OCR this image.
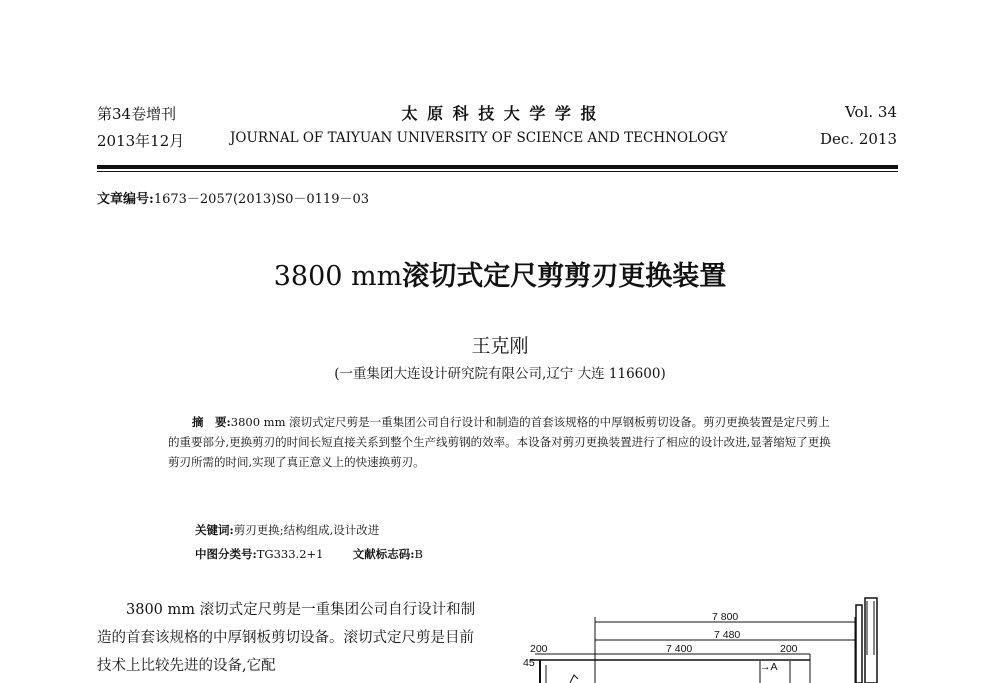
第34卷增刊
2013年12月
太 原 科 技 大 学 学 报
JOURNAL OF TAIYUAN UNIVERSITY OF SCIENCE AND TECHNOLOGY
Vol. 34
Dec. 2013
文章编号:1673－2057(2013)S0－0119－03
3800 mm滚切式定尺剪剪刃更换装置
王克刚
(一重集团大连设计研究院有限公司,辽宁 大连 116600)
摘　要:3800 mm 滚切式定尺剪是一重集团公司自行设计和制造的首套该规格的中厚钢板剪切设备。剪刃更换装置是定尺剪上的重要部分,更换剪刃的时间长短直接关系到整个生产线剪钢的效率。本设备对剪刃更换装置进行了相应的设计改进,显著缩短了更换剪刃所需的时间,实现了真正意义上的快速换剪刃。
关键词:剪刃更换;结构组成,设计改进
中图分类号:TG333.2+1	文献标志码:B
3800 mm 滚切式定尺剪是一重集团公司自行设计和制造的首套该规格的中厚钢板剪切设备。滚切式定尺剪是目前技术上比较先进的设备,它配
7 800
7 480
7 400
200	200
45	→A
